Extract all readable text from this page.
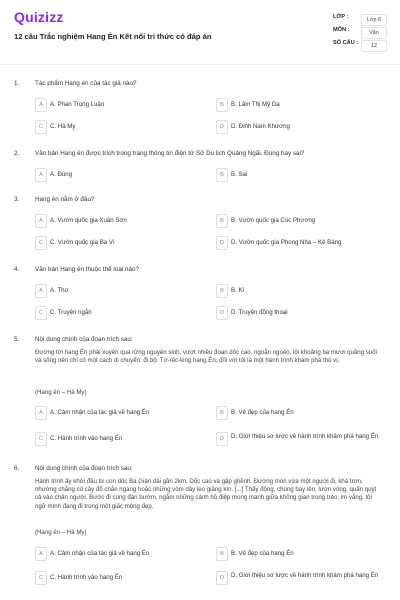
Quizizz
12 câu Trắc nghiệm Hang Én Kết nối tri thức có đáp án
LỚP :	Lớp 6
MÔN :	Văn
SỐ CÂU :	12
1. Tác phẩm Hang én của tác giả nào?
A	A. Phan Trọng Luận	B	B. Lâm Thị Mỹ Dạ
C	C. Hà My	D	D. Đinh Nam Khương
2. Văn bản Hang én được trích trong trang thông tin điện tử Sở Du lịch Quảng Ngãi. Đúng hay sai?
A	A. Đúng	B	B. Sai
3. Hang én nằm ở đâu?
A	A. Vườn quốc gia Xuân Sơn	B	B. Vườn quốc gia Cúc Phương
C	C. Vườn quốc gia Ba Vì	D	D. Vườn quốc gia Phong Nha – Kẻ Bàng
4. Văn bản Hang én thuộc thể loại nào?
A	A. Thơ	B	B. Kí
C	C. Truyện ngắn	D	D. Truyện đồng thoại
5. Nội dung chính của đoạn trích sau:
Đường tới hang Én phải xuyên qua rừng nguyên sinh, vượt nhiều đoạn dốc cao, ngoằn ngoèo, lội khoảng ba mươi quãng suối và sông nên chỉ có một cách di chuyển: đi bộ. Tơ-rếc-king hang Én, đối với tôi là một hành trình khám phá thú vị.
(Hang én – Hà My)
A	A. Cảm nhận của tác giả về hang Én	B	B. Vẻ đẹp của hang Én
C	C. Hành trình vào hang Én	D	D. Giới thiệu sơ lược về hành trình khám phá hang Én
6. Nội dung chính của đoạn trích sau:
Hành trình ấy khởi đầu từ con dốc Ba Giàn dài gần 2km. Dốc cao và gập ghềnh. Đường mòn vừa một người đi, khá trơn, nhường chằng có cây đổ chắn ngang hoặc những vòm dây leo giăng kín. [...] Thấy động, chúng bay lên, lượn vòng, quấn quýt cả vào chân người. Bước đi cùng đàn bướm, ngắm những cánh hồ điệp mong manh giữa không gian trong trẻo, im vắng, tôi ngỡ mình đang đi trong một giấc mộng đẹp.
(Hang én – Hà My)
A	A. Cảm nhận của tác giả về hang Én	B	B. Vẻ đẹp của hang Én
C	C. Hành trình vào hang Én	D	D. Giới thiệu sơ lược về hành trình khám phá hang Én
